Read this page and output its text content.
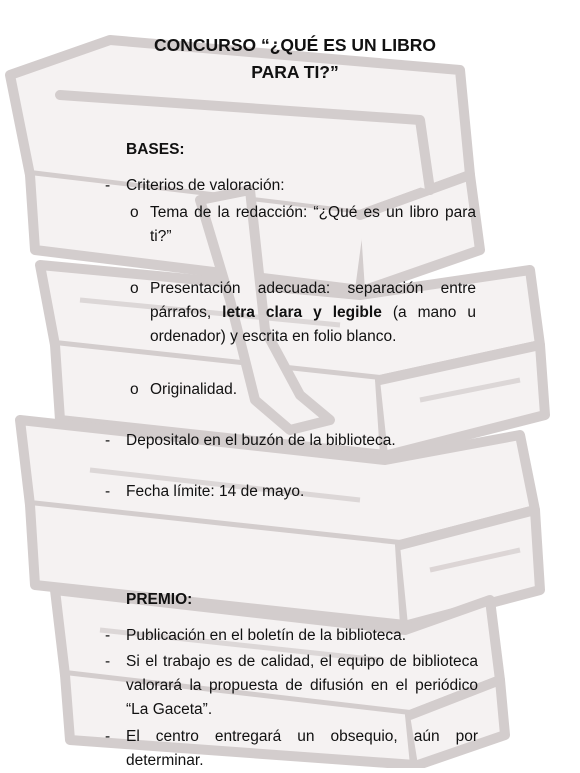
CONCURSO “¿QUÉ ES UN LIBRO
PARA TI?”
BASES:
- Criterios de valoración:
o Tema de la redacción: “¿Qué es un libro para ti?”
o Presentación adecuada: separación entre párrafos, letra clara y legible (a mano u ordenador) y escrita en folio blanco.
o Originalidad.
- Depositalo en el buzón de la biblioteca.
- Fecha límite: 14 de mayo.
PREMIO:
- Publicación en el boletín de la biblioteca.
- Si el trabajo es de calidad, el equipo de biblioteca valorará la propuesta de difusión en el periódico “La Gaceta”.
- El centro entregará un obsequio, aún por determinar.
